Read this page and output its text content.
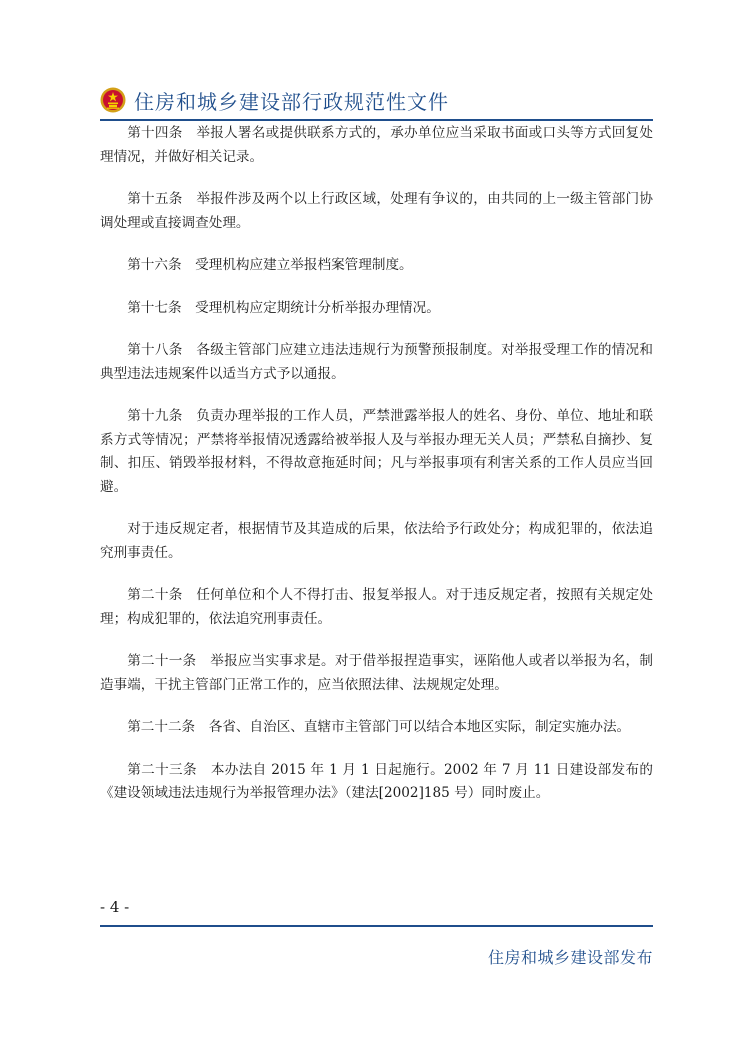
住房和城乡建设部行政规范性文件

第十四条　举报人署名或提供联系方式的，承办单位应当采取书面或口头等方式回复处理情况，并做好相关记录。

第十五条　举报件涉及两个以上行政区域，处理有争议的，由共同的上一级主管部门协调处理或直接调查处理。

第十六条　受理机构应建立举报档案管理制度。

第十七条　受理机构应定期统计分析举报办理情况。

第十八条　各级主管部门应建立违法违规行为预警预报制度。对举报受理工作的情况和典型违法违规案件以适当方式予以通报。

第十九条　负责办理举报的工作人员，严禁泄露举报人的姓名、身份、单位、地址和联系方式等情况；严禁将举报情况透露给被举报人及与举报办理无关人员；严禁私自摘抄、复制、扣压、销毁举报材料，不得故意拖延时间；凡与举报事项有利害关系的工作人员应当回避。

对于违反规定者，根据情节及其造成的后果，依法给予行政处分；构成犯罪的，依法追究刑事责任。

第二十条　任何单位和个人不得打击、报复举报人。对于违反规定者，按照有关规定处理；构成犯罪的，依法追究刑事责任。

第二十一条　举报应当实事求是。对于借举报捏造事实，诬陷他人或者以举报为名，制造事端，干扰主管部门正常工作的，应当依照法律、法规规定处理。

第二十二条　各省、自治区、直辖市主管部门可以结合本地区实际，制定实施办法。

第二十三条　本办法自 2015 年 1 月 1 日起施行。2002 年 7 月 11 日建设部发布的《建设领域违法违规行为举报管理办法》（建法[2002]185 号）同时废止。

- 4 -
住房和城乡建设部发布
